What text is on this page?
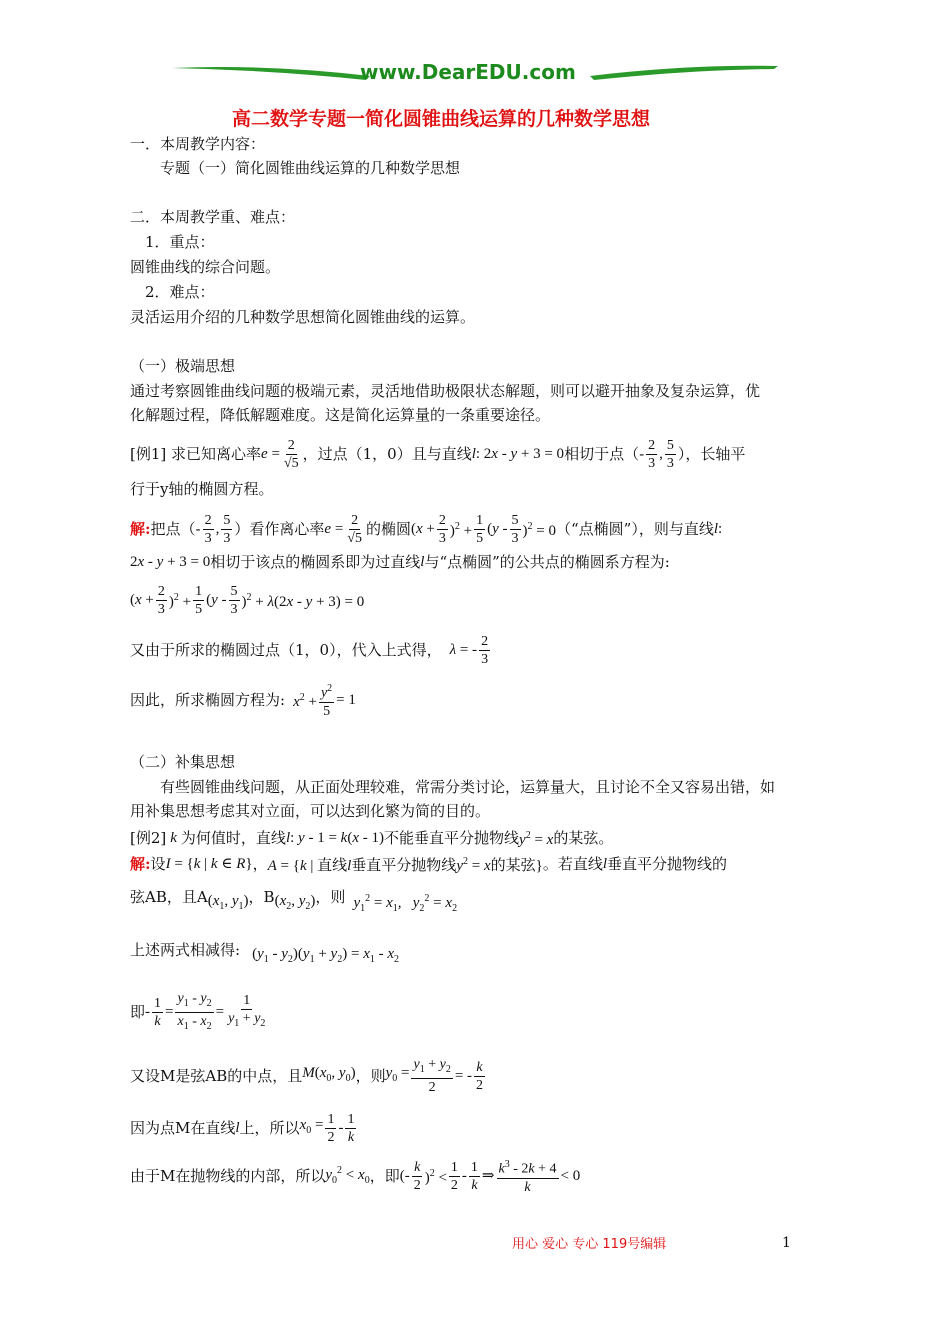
www.DearEDU.com
高二数学专题一简化圆锥曲线运算的几种数学思想
一．本周教学内容：
专题（一）简化圆锥曲线运算的几种数学思想
二．本周教学重、难点：
1．重点：
圆锥曲线的综合问题。
2．难点：
灵活运用介绍的几种数学思想简化圆锥曲线的运算。
（一）极端思想
通过考察圆锥曲线问题的极端元素，灵活地借助极限状态解题，则可以避开抽象及复杂运算，优
化解题过程，降低解题难度。这是简化运算量的一条重要途径。
[例1] 求已知离心率 $e = \frac{2}{√5}$ ，过点（1，0）且与直线 l: 2x - y + 3 = 0 相切于点（- $\frac{2}{3}$ , $\frac{5}{3}$ ），长轴平
行于y轴的椭圆方程。
解: 把点（- $\frac{2}{3}$ , $\frac{5}{3}$ ）看作离心率 $e = \frac{2}{√5}$ 的椭圆 $(x + \frac{2}{3} )^2 + \frac{1}{5} (y - \frac{5}{3} )^2 = 0$ （“点椭圆”），则与直线 l :
2x - y + 3 = 0 相切于该点的椭圆系即为过直线 l 与“点椭圆”的公共点的椭圆系方程为:
$(x + \frac{2}{3} )^2 + \frac{1}{5} (y - \frac{5}{3} )^2 + \lambda(2x - y + 3) = 0$
又由于所求的椭圆过点（1，0），代入上式得， λ = - $\frac{2}{3}$
因此，所求椭圆方程为: $x^2 + \frac{y^2}{5} = 1$
（二）补集思想
有些圆锥曲线问题，从正面处理较难，常需分类讨论，运算量大，且讨论不全又容易出错，如
用补集思想考虑其对立面，可以达到化繁为简的目的。
[例2] k 为何值时，直线 l: y - 1 = k(x - 1) 不能垂直平分抛物线 $y^2 = x$ 的某弦。
解: 设 I = {k | k ∈ R} ， A = {k | 直线l垂直平分抛物线$y^2 = x$的某弦} 。若直线 l 垂直平分抛物线的
弦AB，且A ($x_1$, $y_1$) ，B ($x_2$, $y_2$) ，则 $y_1^2 = x_1$,   $y_2^2 = x_2$
上述两式相减得: $(y_1 - y_2)(y_1 + y_2) = x_1 - x_2$
即 - $\frac{1}{k} = \frac{y_1 - y_2}{x_1 - x_2} = \frac{1}{y_1 + y_2}$
又设M是弦AB的中点，且 $M(x_0$, $y_0$) ，则 $y_0 = \frac{y_1 + y_2}{2}$ = - $\frac{k}{2}$
因为点M在直线 l 上，所以 $x_0 = \frac{1}{2} - \frac{1}{k}$
由于M在抛物线的内部，所以 $y_0^2 < x_0$ ，即 (- $\frac{k}{2} )^2 < \frac{1}{2} - \frac{1}{k}$ ⇒ $\frac{k^3 - 2k + 4}{k} < 0$
用心 爱心 专心 119号编辑	1
